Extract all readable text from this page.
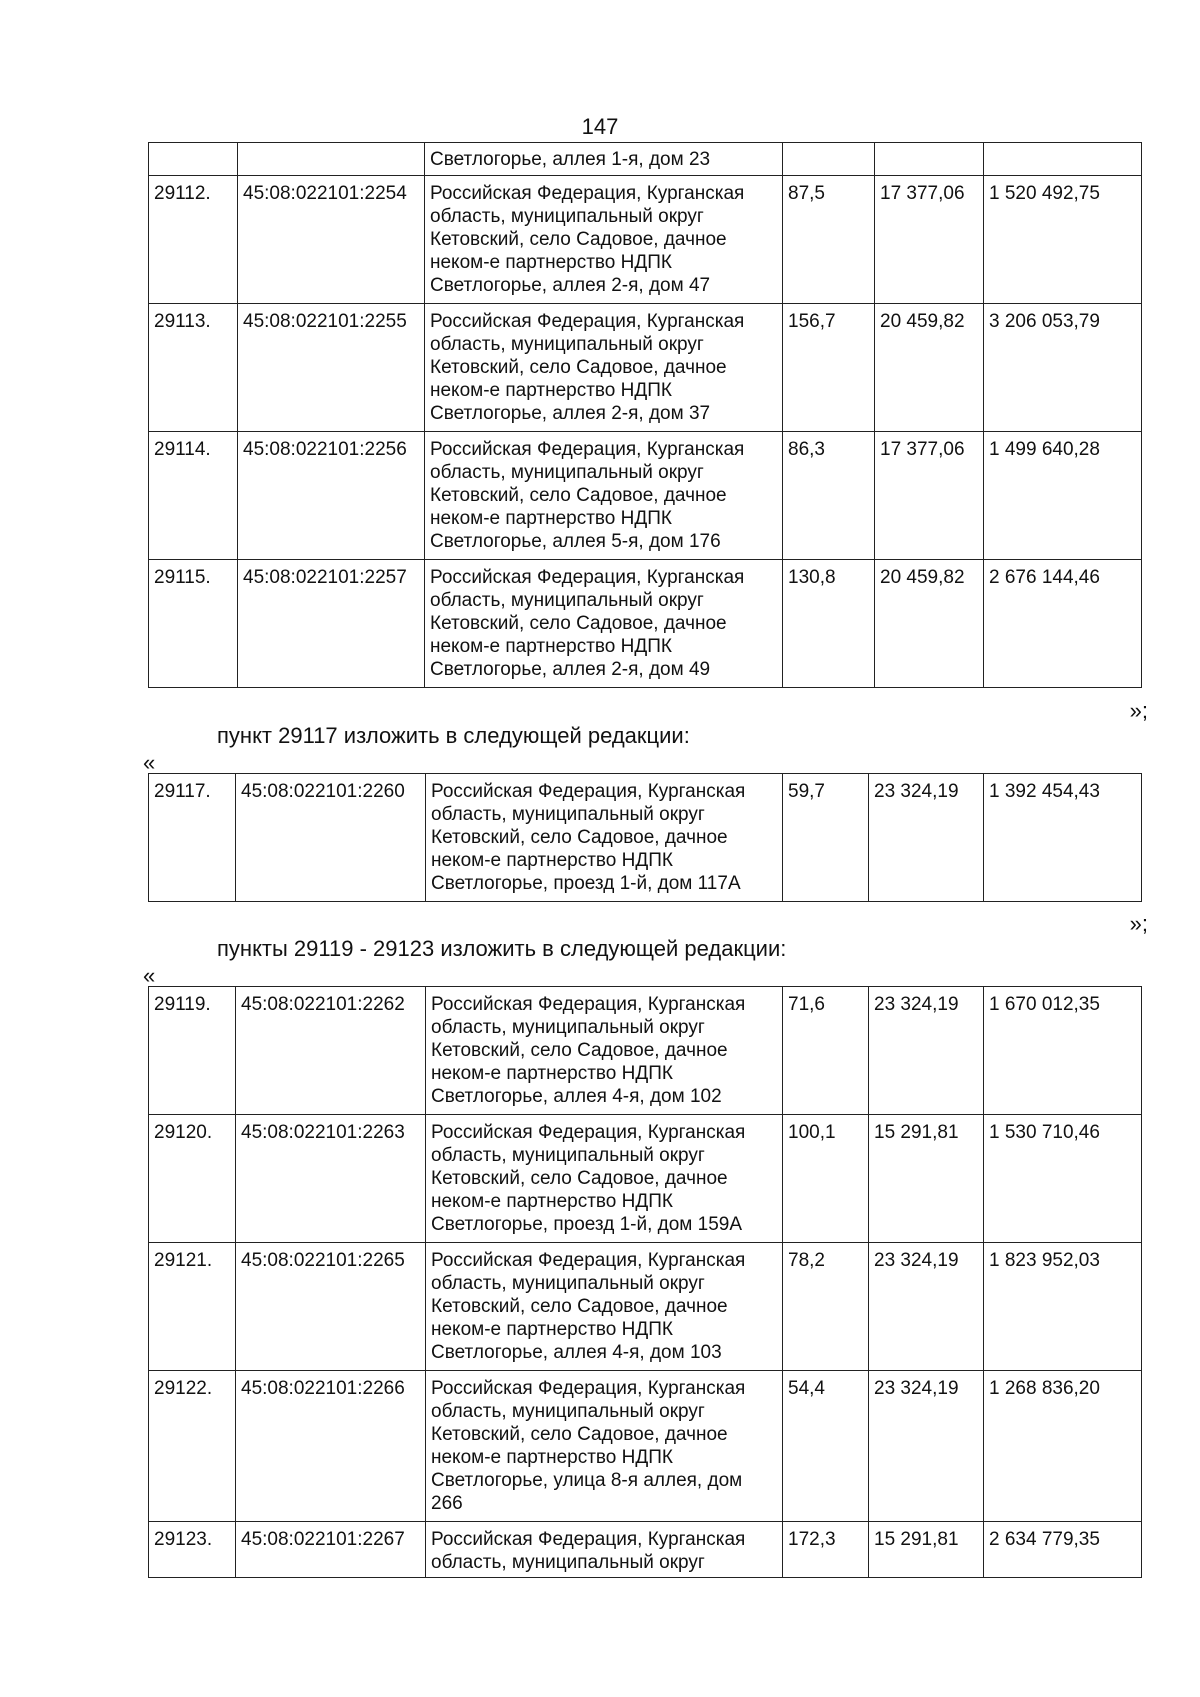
147
		Светлогорье, аллея 1-я, дом 23			
29112.	45:08:022101:2254	Российская Федерация, Курганская область, муниципальный округ Кетовский, село Садовое, дачное неком-е партнерство НДПК Светлогорье, аллея 2-я, дом 47	87,5	17 377,06	1 520 492,75
29113.	45:08:022101:2255	Российская Федерация, Курганская область, муниципальный округ Кетовский, село Садовое, дачное неком-е партнерство НДПК Светлогорье, аллея 2-я, дом 37	156,7	20 459,82	3 206 053,79
29114.	45:08:022101:2256	Российская Федерация, Курганская область, муниципальный округ Кетовский, село Садовое, дачное неком-е партнерство НДПК Светлогорье, аллея 5-я, дом 176	86,3	17 377,06	1 499 640,28
29115.	45:08:022101:2257	Российская Федерация, Курганская область, муниципальный округ Кетовский, село Садовое, дачное неком-е партнерство НДПК Светлогорье, аллея 2-я, дом 49	130,8	20 459,82	2 676 144,46
»;
пункт 29117 изложить в следующей редакции:
«
29117.	45:08:022101:2260	Российская Федерация, Курганская область, муниципальный округ Кетовский, село Садовое, дачное неком-е партнерство НДПК Светлогорье, проезд 1-й, дом 117А	59,7	23 324,19	1 392 454,43
»;
пункты 29119 - 29123 изложить в следующей редакции:
«
29119.	45:08:022101:2262	Российская Федерация, Курганская область, муниципальный округ Кетовский, село Садовое, дачное неком-е партнерство НДПК Светлогорье, аллея 4-я, дом 102	71,6	23 324,19	1 670 012,35
29120.	45:08:022101:2263	Российская Федерация, Курганская область, муниципальный округ Кетовский, село Садовое, дачное неком-е партнерство НДПК Светлогорье, проезд 1-й, дом 159А	100,1	15 291,81	1 530 710,46
29121.	45:08:022101:2265	Российская Федерация, Курганская область, муниципальный округ Кетовский, село Садовое, дачное неком-е партнерство НДПК Светлогорье, аллея 4-я, дом 103	78,2	23 324,19	1 823 952,03
29122.	45:08:022101:2266	Российская Федерация, Курганская область, муниципальный округ Кетовский, село Садовое, дачное неком-е партнерство НДПК Светлогорье, улица 8-я аллея, дом 266	54,4	23 324,19	1 268 836,20
29123.	45:08:022101:2267	Российская Федерация, Курганская область, муниципальный округ	172,3	15 291,81	2 634 779,35
